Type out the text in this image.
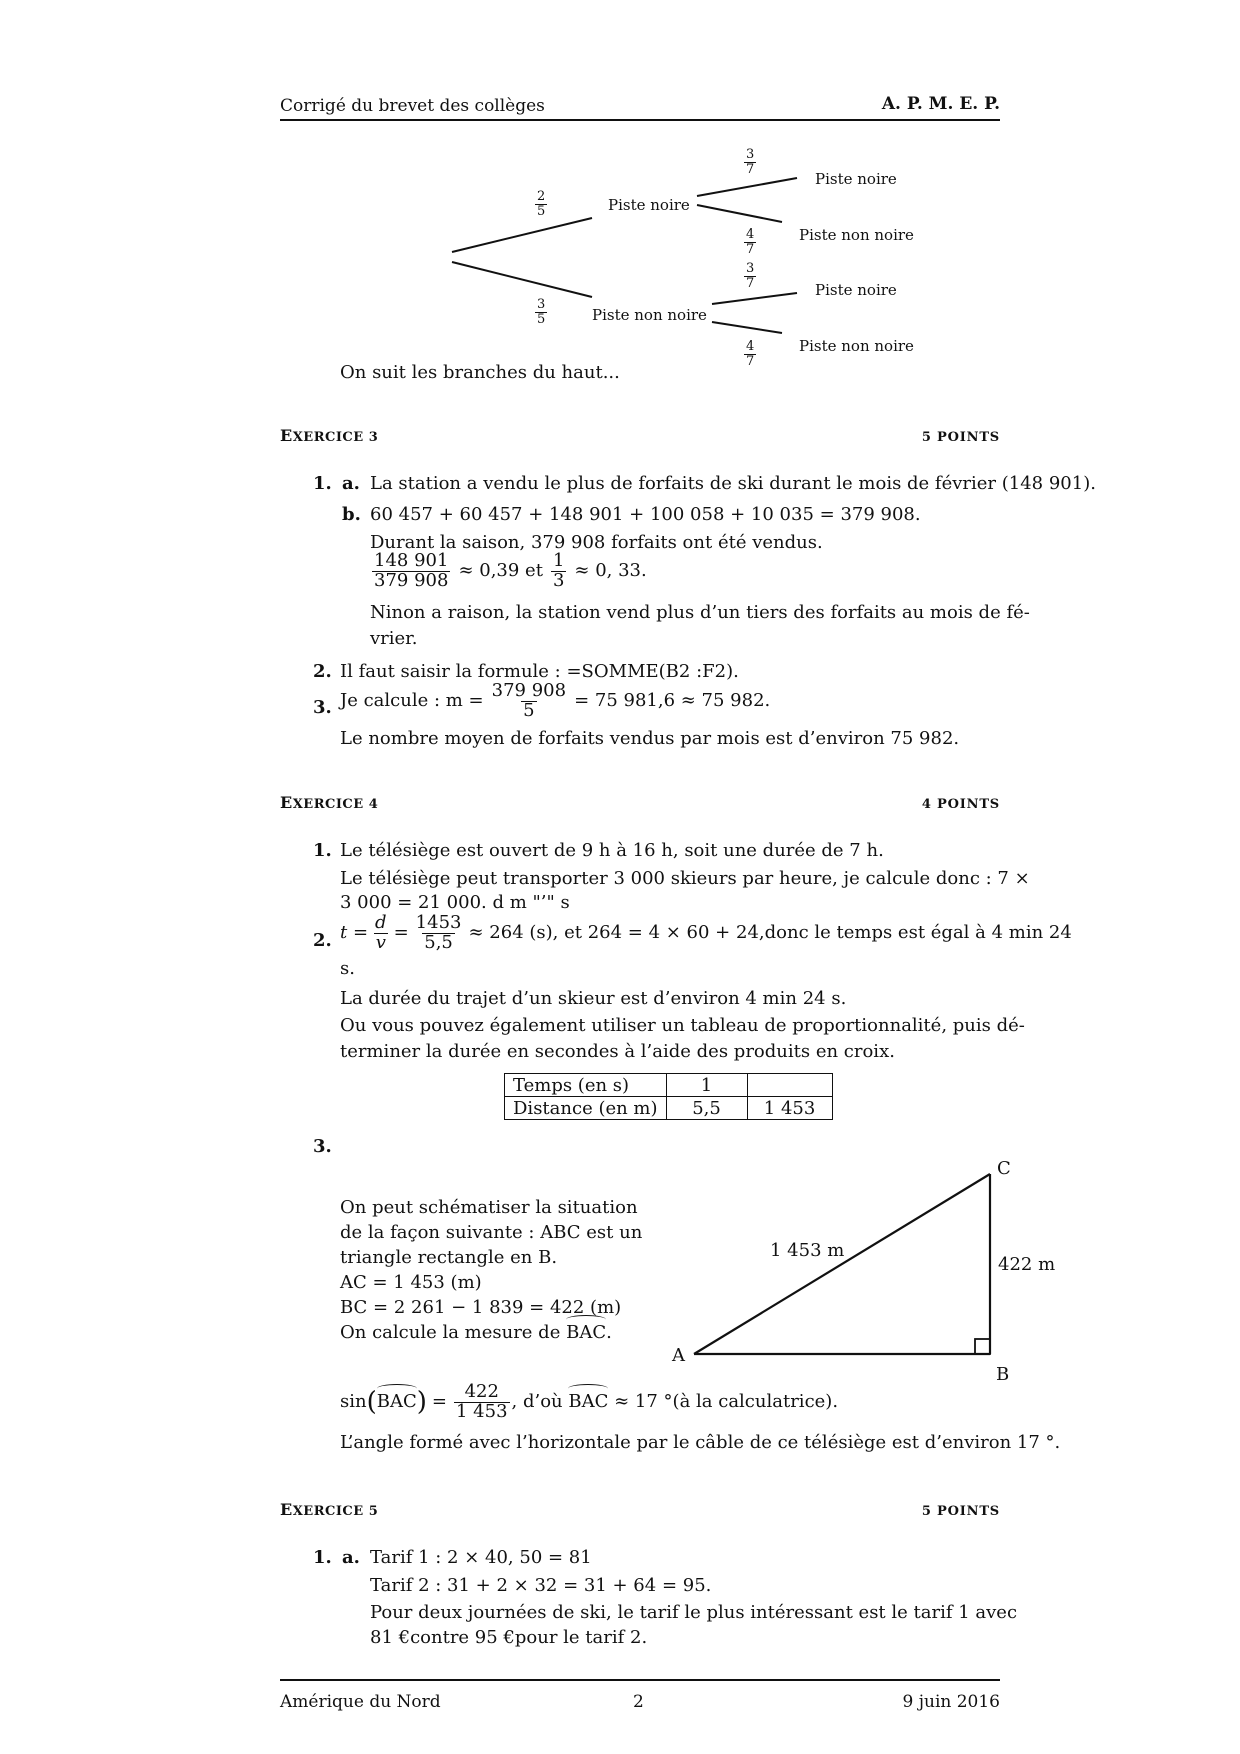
Corrigé du brevet des collèges	A. P. M. E. P.
$\frac{2}{5}$
$\frac{3}{5}$
Piste noire
Piste non noire
$\frac{3}{7}$
$\frac{4}{7}$
$\frac{3}{7}$
$\frac{4}{7}$
Piste noire
Piste non noire
Piste noire
Piste non noire
On suit les branches du haut...
EXERCICE 3	5 POINTS
1. a. La station a vendu le plus de forfaits de ski durant le mois de février (148 901).
b. 60 457 + 60 457 + 148 901 + 100 058 + 10 035 = 379 908.
Durant la saison, 379 908 forfaits ont été vendus.
$\frac{148 901}{379 908} \approx 0,39$ et $\frac{1}{3} \approx 0$, 33.
Ninon a raison, la station vend plus d’un tiers des forfaits au mois de fé-
vrier.
2. Il faut saisir la formule : =SOMME(B2 :F2).
3. Je calcule : $m = \frac{379 908}{5} = 75$ 981,6 ≈ 75 982.
Le nombre moyen de forfaits vendus par mois est d’environ 75 982.
EXERCICE 4	4 POINTS
1. Le télésiège est ouvert de 9 h à 16 h, soit une durée de 7 h.
Le télésiège peut transporter 3 000 skieurs par heure, je calcule donc : 7 ×
3 000 = 21 000. d m "’" s
2. $t = \frac{d}{v} = \frac{1453}{5,5} \approx 264$ (s), et 264 = 4 × 60 + 24,donc le temps est égal à 4 min 24
s.
La durée du trajet d’un skieur est d’environ 4 min 24 s.
Ou vous pouvez également utiliser un tableau de proportionnalité, puis dé-
terminer la durée en secondes à l’aide des produits en croix.
Temps (en s)	1	
Distance (en m)	5,5	1 453
3.
On peut schématiser la situation
de la façon suivante : ABC est un
triangle rectangle en B.
AC = 1 453 (m)
BC = 2 261 − 1 839 = 422 (m)
On calcule la mesure de BAC.
C
A
B
1 453 m
422 m
sin ( BAC ) = $\frac{422}{1 453}$ , d’où
BAC
≈ 17 °(à la calculatrice).
L’angle formé avec l’horizontale par le câble de ce télésiège est d’environ 17 °.
EXERCICE 5	5 POINTS
1. a. Tarif 1 : 2 × 40, 50 = 81
Tarif 2 : 31 + 2 × 32 = 31 + 64 = 95.
Pour deux journées de ski, le tarif le plus intéressant est le tarif 1 avec
81 €contre 95 €pour le tarif 2.
Amérique du Nord	2	9 juin 2016
